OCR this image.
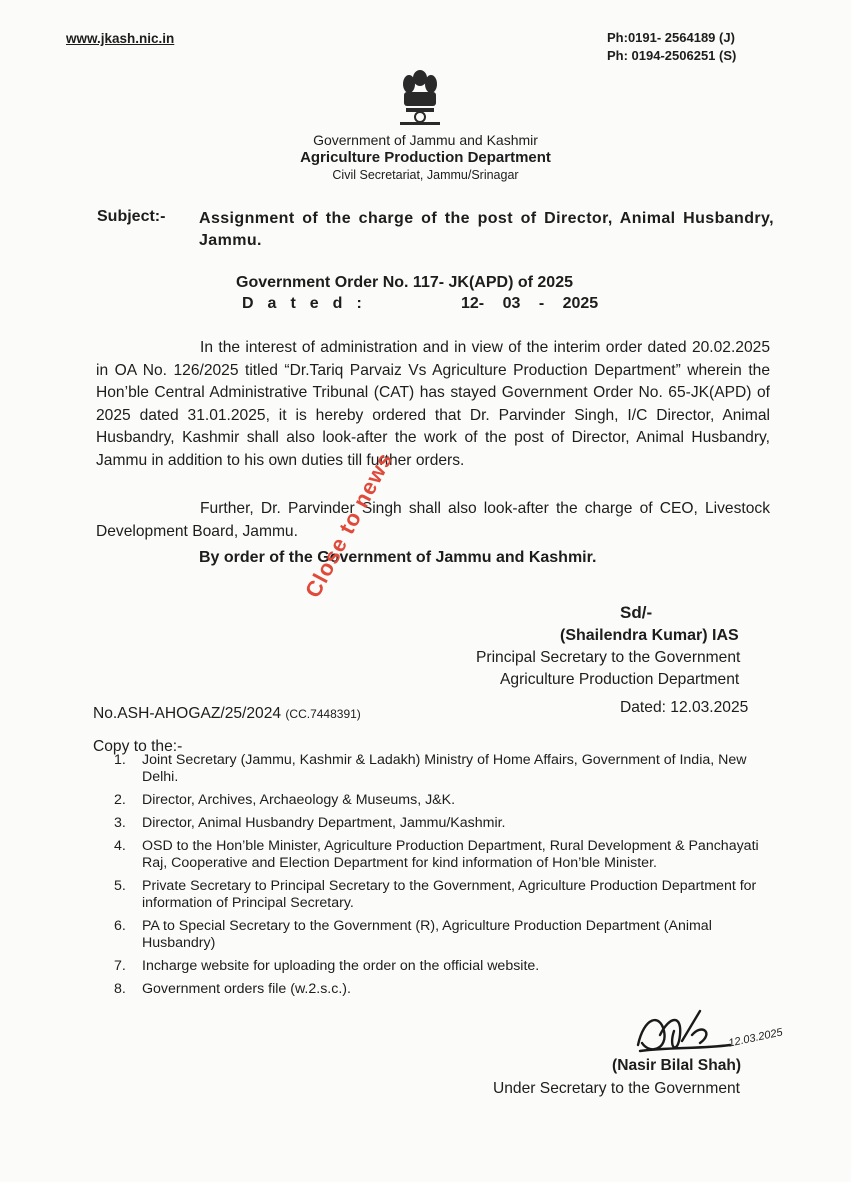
www.jkash.nic.in	Ph:0191- 2564189 (J)
Ph: 0194-2506251 (S)
Government of Jammu and Kashmir
Agriculture Production Department
Civil Secretariat, Jammu/Srinagar
Subject:- Assignment of the charge of the post of Director, Animal Husbandry, Jammu.
Government Order No. 117- JK(APD) of 2025
Dated:	12- 03 - 2025
In the interest of administration and in view of the interim order dated 20.02.2025 in OA No. 126/2025 titled “Dr.Tariq Parvaiz Vs Agriculture Production Department” wherein the Hon’ble Central Administrative Tribunal (CAT) has stayed Government Order No. 65-JK(APD) of 2025 dated 31.01.2025, it is hereby ordered that Dr. Parvinder Singh, I/C Director, Animal Husbandry, Kashmir shall also look-after the work of the post of Director, Animal Husbandry, Jammu in addition to his own duties till further orders.
Further, Dr. Parvinder Singh shall also look-after the charge of CEO, Livestock Development Board, Jammu.
By order of the Government of Jammu and Kashmir.
Close to news
Sd/-
(Shailendra Kumar) IAS
Principal Secretary to the Government
Agriculture Production Department
No.ASH-AHOGAZ/25/2024 (CC.7448391)	Dated: 12.03.2025
Copy to the:-
1.	Joint Secretary (Jammu, Kashmir & Ladakh) Ministry of Home Affairs, Government of India, New Delhi.
2.	Director, Archives, Archaeology & Museums, J&K.
3.	Director, Animal Husbandry Department, Jammu/Kashmir.
4.	OSD to the Hon’ble Minister, Agriculture Production Department, Rural Development & Panchayati Raj, Cooperative and Election Department for kind information of Hon’ble Minister.
5.	Private Secretary to Principal Secretary to the Government, Agriculture Production Department for information of Principal Secretary.
6.	PA to Special Secretary to the Government (R), Agriculture Production Department (Animal Husbandry)
7.	Incharge website for uploading the order on the official website.
8.	Government orders file (w.2.s.c.).
12.03.2025
(Nasir Bilal Shah)
Under Secretary to the Government
